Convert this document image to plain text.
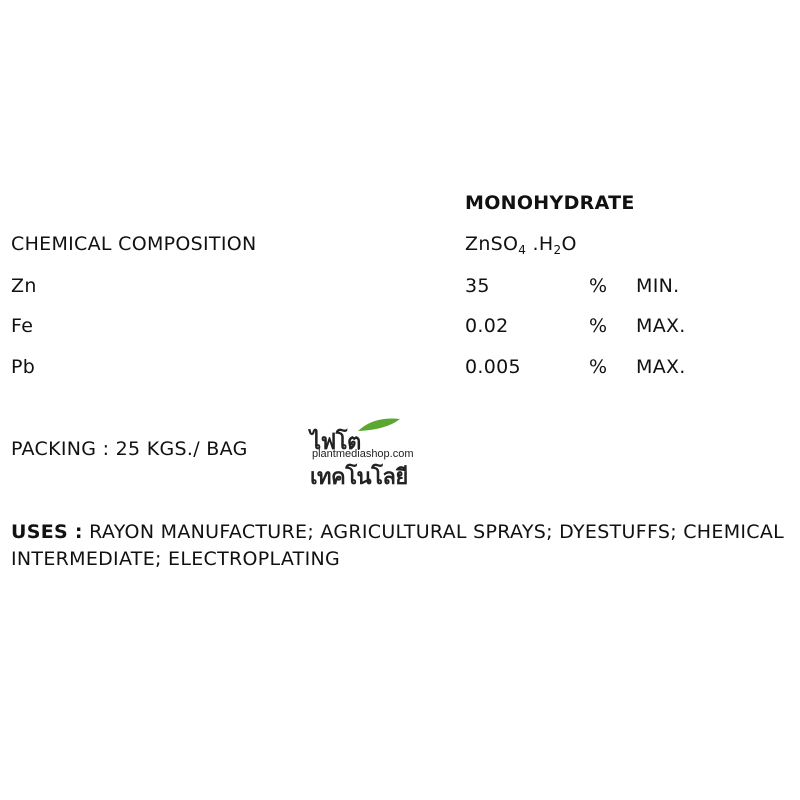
MONOHYDRATE
CHEMICAL COMPOSITION	ZnSO$_4$ $.H_2O$
Zn	35	% MIN.
Fe	0.02	% MAX.
Pb	0.005	% MAX.
PACKING : 25 KGS./ BAG	ไฟโตเทคโนโลยี
plantmediashop.com
USES : RAYON MANUFACTURE; AGRICULTURAL SPRAYS; DYESTUFFS; CHEMICAL
INTERMEDIATE; ELECTROPLATING
